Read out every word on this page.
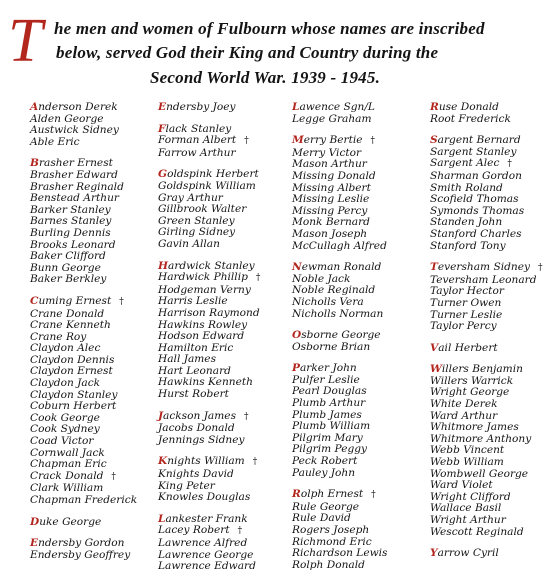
T he men and women of Fulbourn whose names are inscribed
below, served God their King and Country during the
Second World War. 1939 - 1945.
Anderson Derek
Alden George
Austwick Sidney
Able Eric
Brasher Ernest
Brasher Edward
Brasher Reginald
Benstead Arthur
Barker Stanley
Barnes Stanley
Burling Dennis
Brooks Leonard
Baker Clifford
Bunn George
Baker Berkley
Cuming Ernest †
Crane Donald
Crane Kenneth
Crane Roy
Claydon Alec
Claydon Dennis
Claydon Ernest
Claydon Jack
Claydon Stanley
Coburn Herbert
Cook George
Cook Sydney
Coad Victor
Cornwall Jack
Chapman Eric
Crack Donald †
Clark William
Chapman Frederick
Duke George
Endersby Gordon
Endersby Geoffrey
Endersby Joey
Flack Stanley
Forman Albert †
Farrow Arthur
Goldspink Herbert
Goldspink William
Gray Arthur
Gillbrook Walter
Green Stanley
Girling Sidney
Gavin Allan
Hardwick Stanley
Hardwick Phillip †
Hodgeman Verny
Harris Leslie
Harrison Raymond
Hawkins Rowley
Hodson Edward
Hamilton Eric
Hall James
Hart Leonard
Hawkins Kenneth
Hurst Robert
Jackson James †
Jacobs Donald
Jennings Sidney
Knights William †
Knights David
King Peter
Knowles Douglas
Lankester Frank
Lacey Robert †
Lawrence Alfred
Lawrence George
Lawrence Edward
Lawence Sgn/L
Legge Graham
Merry Bertie †
Merry Victor
Mason Arthur
Missing Donald
Missing Albert
Missing Leslie
Missing Percy
Monk Bernard
Mason Joseph
McCullagh Alfred
Newman Ronald
Noble Jack
Noble Reginald
Nicholls Vera
Nicholls Norman
Osborne George
Osborne Brian
Parker John
Pulfer Leslie
Pearl Douglas
Plumb Arthur
Plumb James
Plumb William
Pilgrim Mary
Pilgrim Peggy
Peck Robert
Pauley John
Rolph Ernest †
Rule George
Rule David
Rogers Joseph
Richmond Eric
Richardson Lewis
Rolph Donald
Ruse Donald
Root Frederick
Sargent Bernard
Sargent Stanley
Sargent Alec †
Sharman Gordon
Smith Roland
Scofield Thomas
Symonds Thomas
Standen John
Stanford Charles
Stanford Tony
Teversham Sidney †
Teversham Leonard
Taylor Hector
Turner Owen
Turner Leslie
Taylor Percy
Vail Herbert
Willers Benjamin
Willers Warrick
Wright George
White Derek
Ward Arthur
Whitmore James
Whitmore Anthony
Webb Vincent
Webb William
Wombwell George
Ward Violet
Wright Clifford
Wallace Basil
Wright Arthur
Wescott Reginald
Yarrow Cyril
